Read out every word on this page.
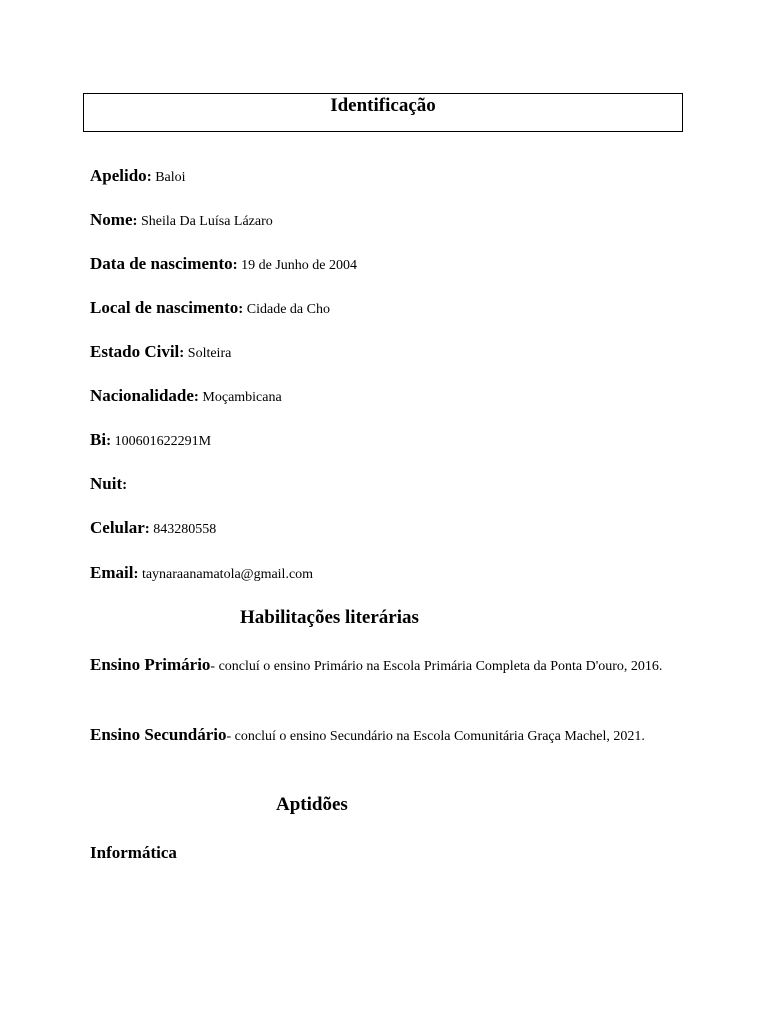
Identificação
Apelido: Baloi
Nome: Sheila Da Luísa Lázaro
Data de nascimento: 19 de Junho de 2004
Local de nascimento: Cidade da Cho
Estado Civil: Solteira
Nacionalidade: Moçambicana
Bi: 100601622291M
Nuit:
Celular: 843280558
Email: taynaraanamatola@gmail.com
Habilitações literárias
Ensino Primário- concluí o ensino Primário na Escola Primária Completa da Ponta D'ouro, 2016.
Ensino Secundário- concluí o ensino Secundário na Escola Comunitária Graça Machel, 2021.
Aptidões
Informática
